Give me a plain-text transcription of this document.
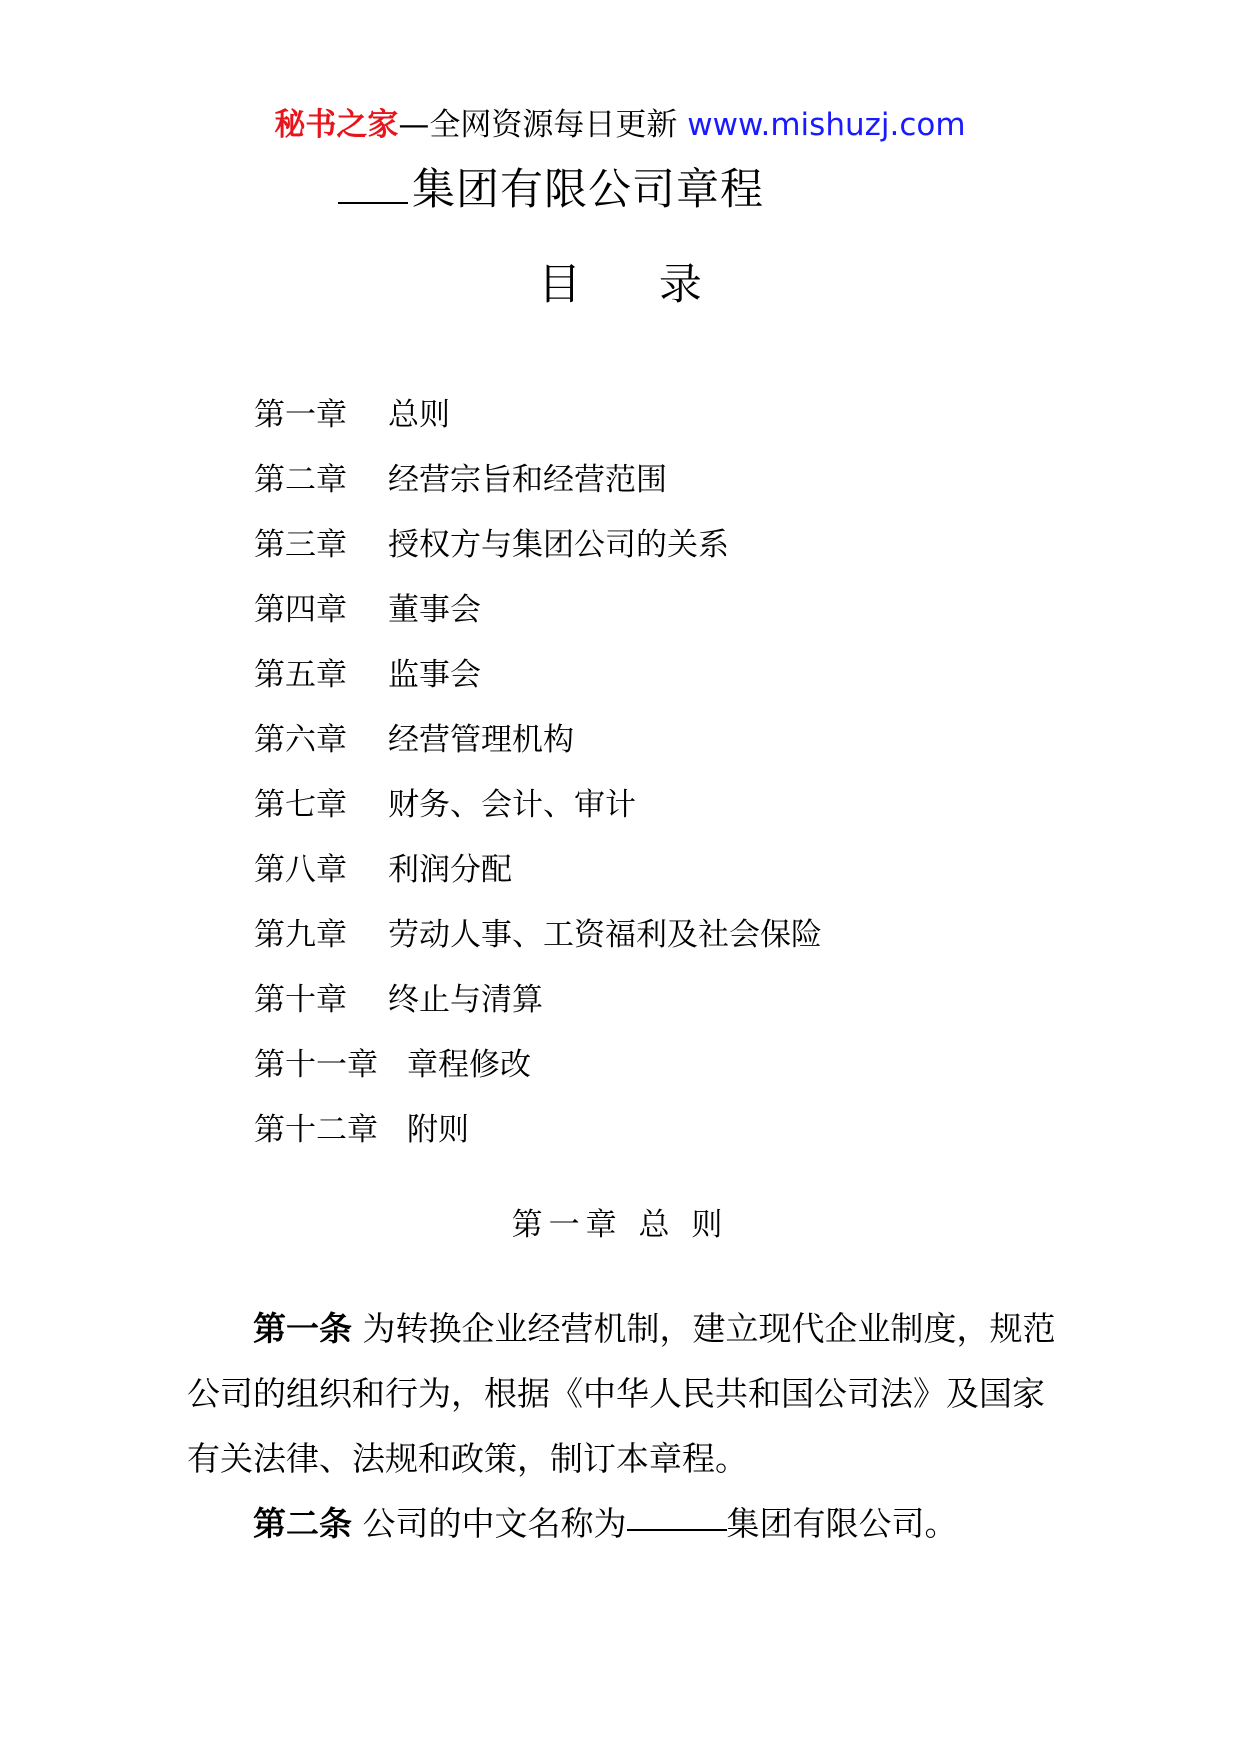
秘书之家—全网资源每日更新 www.mishuzj.com
集团有限公司章程
目 录
第一章 总则
第二章 经营宗旨和经营范围
第三章 授权方与集团公司的关系
第四章 董事会
第五章 监事会
第六章 经营管理机构
第七章 财务、会计、审计
第八章 利润分配
第九章 劳动人事、工资福利及社会保险
第十章 终止与清算
第十一章 章程修改
第十二章 附则
第一章 总 则
第一条 为转换企业经营机制，建立现代企业制度，规范公司的组织和行为，根据《中华人民共和国公司法》及国家有关法律、法规和政策，制订本章程。
第二条 公司的中文名称为	集团有限公司。
